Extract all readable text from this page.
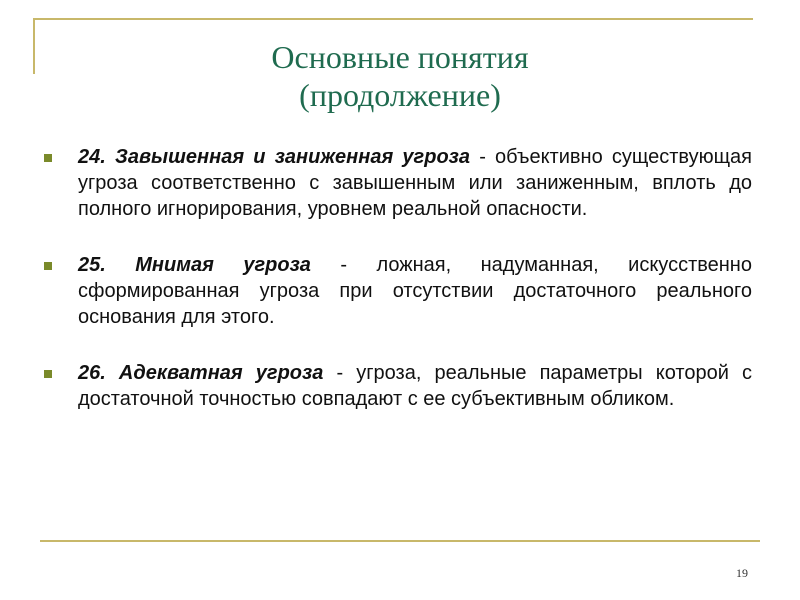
Основные понятия
(продолжение)
24. Завышенная и заниженная угроза - объективно существующая угроза соответственно с завышенным или заниженным, вплоть до полного игнорирования, уровнем реальной опасности.
25. Мнимая угроза - ложная, надуманная, искусственно сформированная угроза при отсутствии достаточного реального основания для этого.
26. Адекватная угроза - угроза, реальные параметры которой с достаточной точностью совпадают с ее субъективным обликом.
19
